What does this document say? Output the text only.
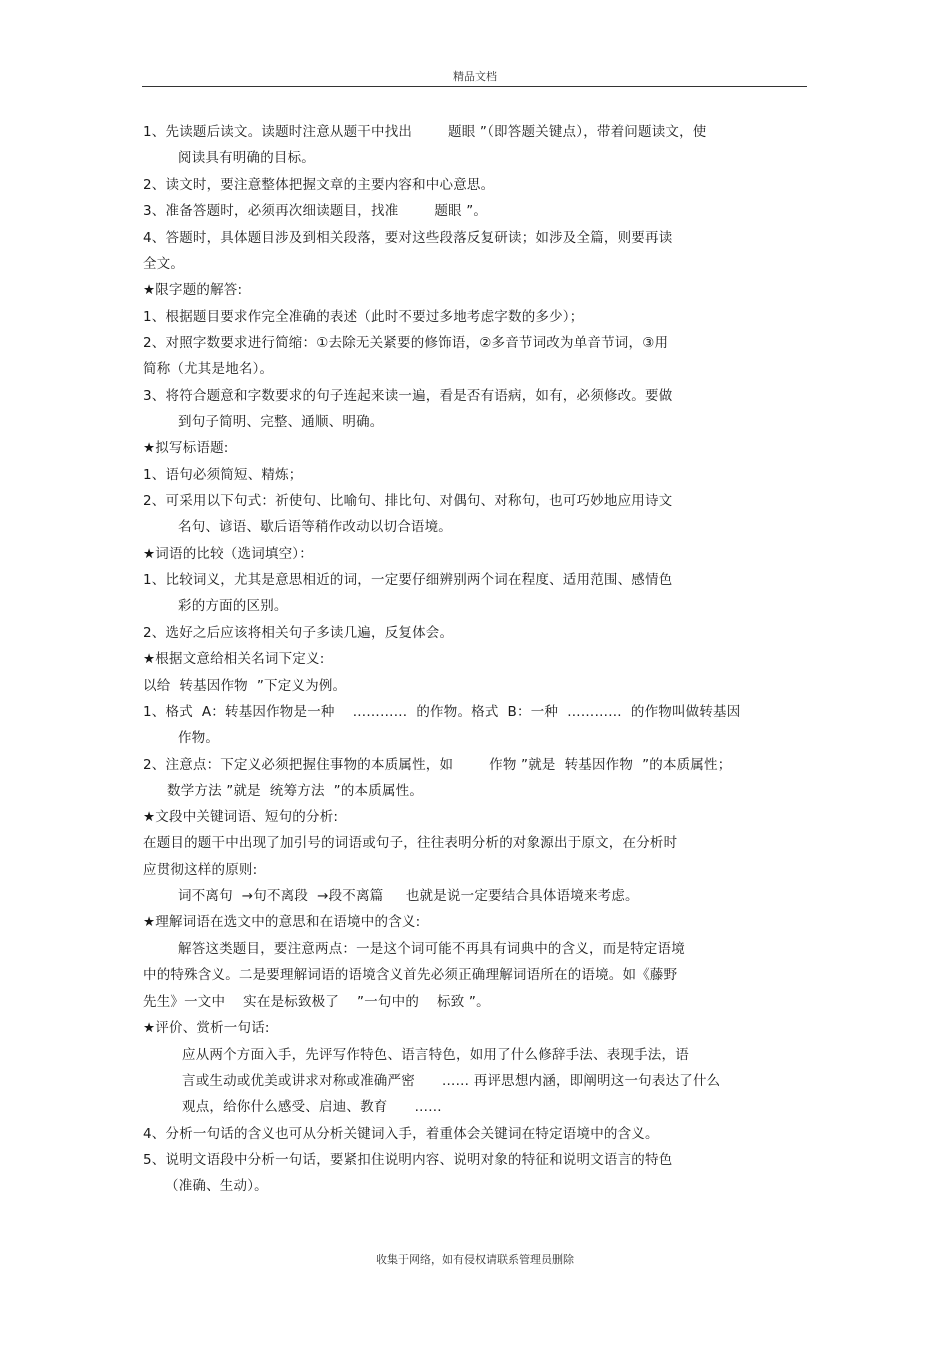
精品文档
1、先读题后读文。读题时注意从题干中找出        题眼 ”（即答题关键点），带着问题读文，使
阅读具有明确的目标。
2、读文时，要注意整体把握文章的主要内容和中心意思。
3、准备答题时，必须再次细读题目，找准        题眼 ”。
4、答题时，具体题目涉及到相关段落，要对这些段落反复研读；如涉及全篇，则要再读
全文。
★限字题的解答:
1、根据题目要求作完全准确的表述（此时不要过多地考虑字数的多少）；
2、对照字数要求进行简缩：①去除无关紧要的修饰语，②多音节词改为单音节词，③用
简称（尤其是地名）。
3、将符合题意和字数要求的句子连起来读一遍，看是否有语病，如有，必须修改。要做
到句子简明、完整、通顺、明确。
★拟写标语题:
1、语句必须简短、精炼；
2、可采用以下句式：祈使句、比喻句、排比句、对偶句、对称句，也可巧妙地应用诗文
名句、谚语、歇后语等稍作改动以切合语境。
★词语的比较（选词填空）：
1、比较词义，尤其是意思相近的词，一定要仔细辨别两个词在程度、适用范围、感情色
彩的方面的区别。
2、选好之后应该将相关句子多读几遍，反复体会。
★根据文意给相关名词下定义:
以给  转基因作物  ”下定义为例。
1、格式  A：转基因作物是一种    …………  的作物。格式  B：一种  …………  的作物叫做转基因
作物。
2、注意点：下定义必须把握住事物的本质属性，如        作物 ”就是  转基因作物  ”的本质属性；
数学方法 ”就是  统筹方法  ”的本质属性。
★文段中关键词语、短句的分析:
在题目的题干中出现了加引号的词语或句子，往往表明分析的对象源出于原文，在分析时
应贯彻这样的原则:
词不离句  →句不离段  →段不离篇     也就是说一定要结合具体语境来考虑。
★理解词语在选文中的意思和在语境中的含义:
解答这类题目，要注意两点：一是这个词可能不再具有词典中的含义，而是特定语境
中的特殊含义。二是要理解词语的语境含义首先必须正确理解词语所在的语境。如《藤野
先生》一文中    实在是标致极了    ”一句中的    标致 ”。
★评价、赏析一句话:
应从两个方面入手，先评写作特色、语言特色，如用了什么修辞手法、表现手法，语
言或生动或优美或讲求对称或准确严密      …… 再评思想内涵，即阐明这一句表达了什么
观点，给你什么感受、启迪、教育      ……
4、分析一句话的含义也可从分析关键词入手，着重体会关键词在特定语境中的含义。
5、说明文语段中分析一句话，要紧扣住说明内容、说明对象的特征和说明文语言的特色
（准确、生动）。
收集于网络，如有侵权请联系管理员删除
